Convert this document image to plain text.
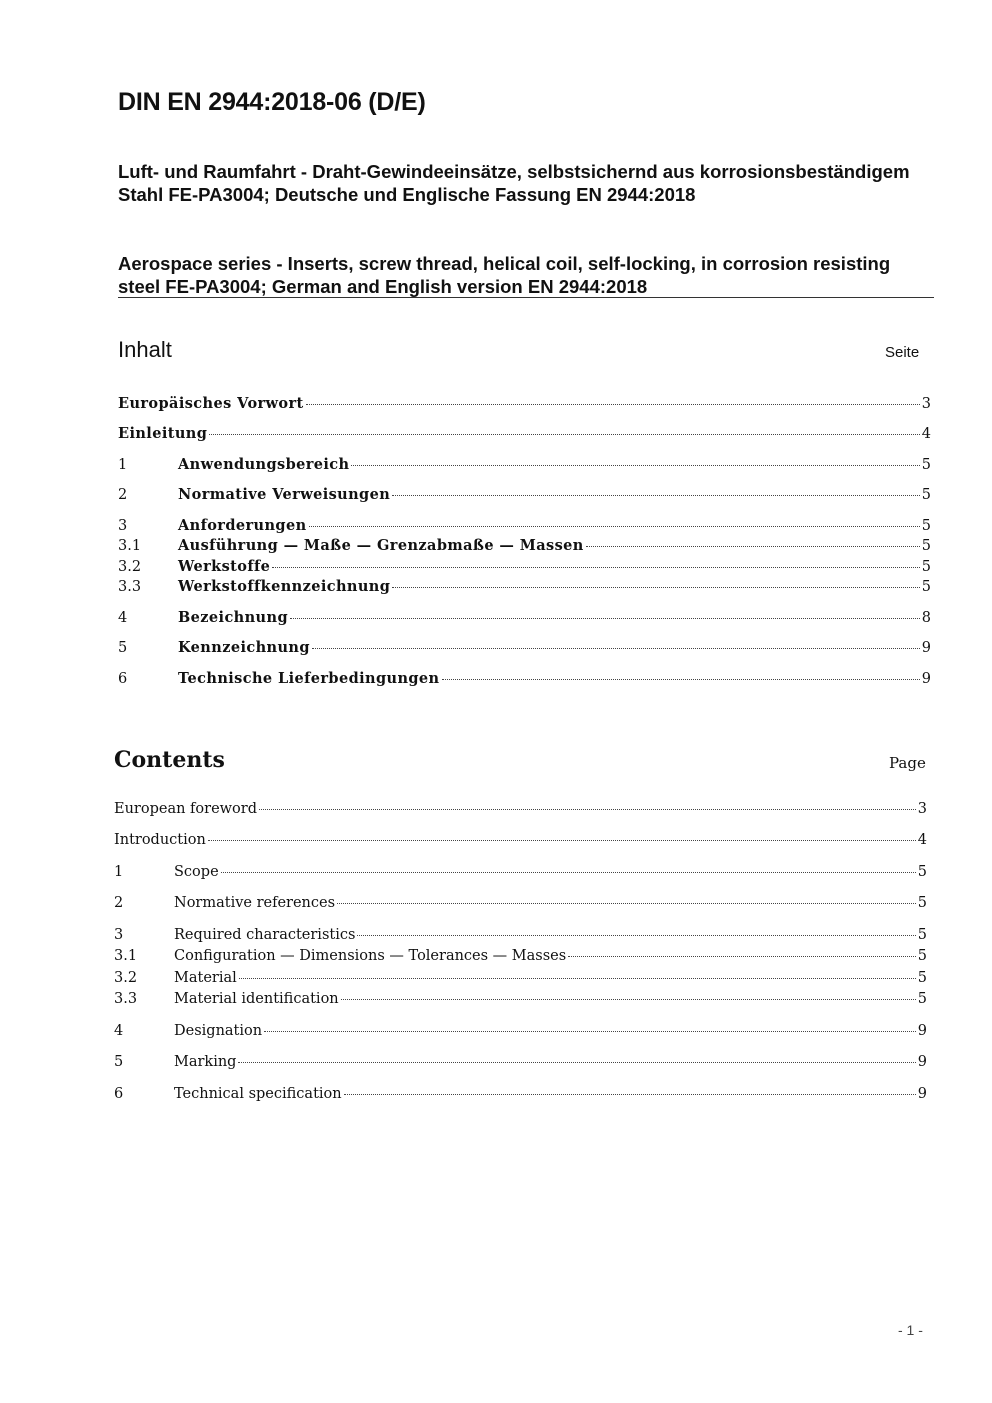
DIN EN 2944:2018-06 (D/E)
Luft- und Raumfahrt - Draht-Gewindeeinsätze, selbstsichernd aus korrosionsbeständigem Stahl FE-PA3004; Deutsche und Englische Fassung EN 2944:2018
Aerospace series - Inserts, screw thread, helical coil, self-locking, in corrosion resisting steel FE-PA3004; German and English version EN 2944:2018
Inhalt	Seite
Europäisches Vorwort	3
Einleitung	4
1	Anwendungsbereich	5
2	Normative Verweisungen	5
3	Anforderungen	5
3.1	Ausführung — Maße — Grenzabmaße — Massen	5
3.2	Werkstoffe	5
3.3	Werkstoffkennzeichnung	5
4	Bezeichnung	8
5	Kennzeichnung	9
6	Technische Lieferbedingungen	9
Contents	Page
European foreword	3
Introduction	4
1	Scope	5
2	Normative references	5
3	Required characteristics	5
3.1	Configuration — Dimensions — Tolerances — Masses	5
3.2	Material	5
3.3	Material identification	5
4	Designation	9
5	Marking	9
6	Technical specification	9
- 1 -
